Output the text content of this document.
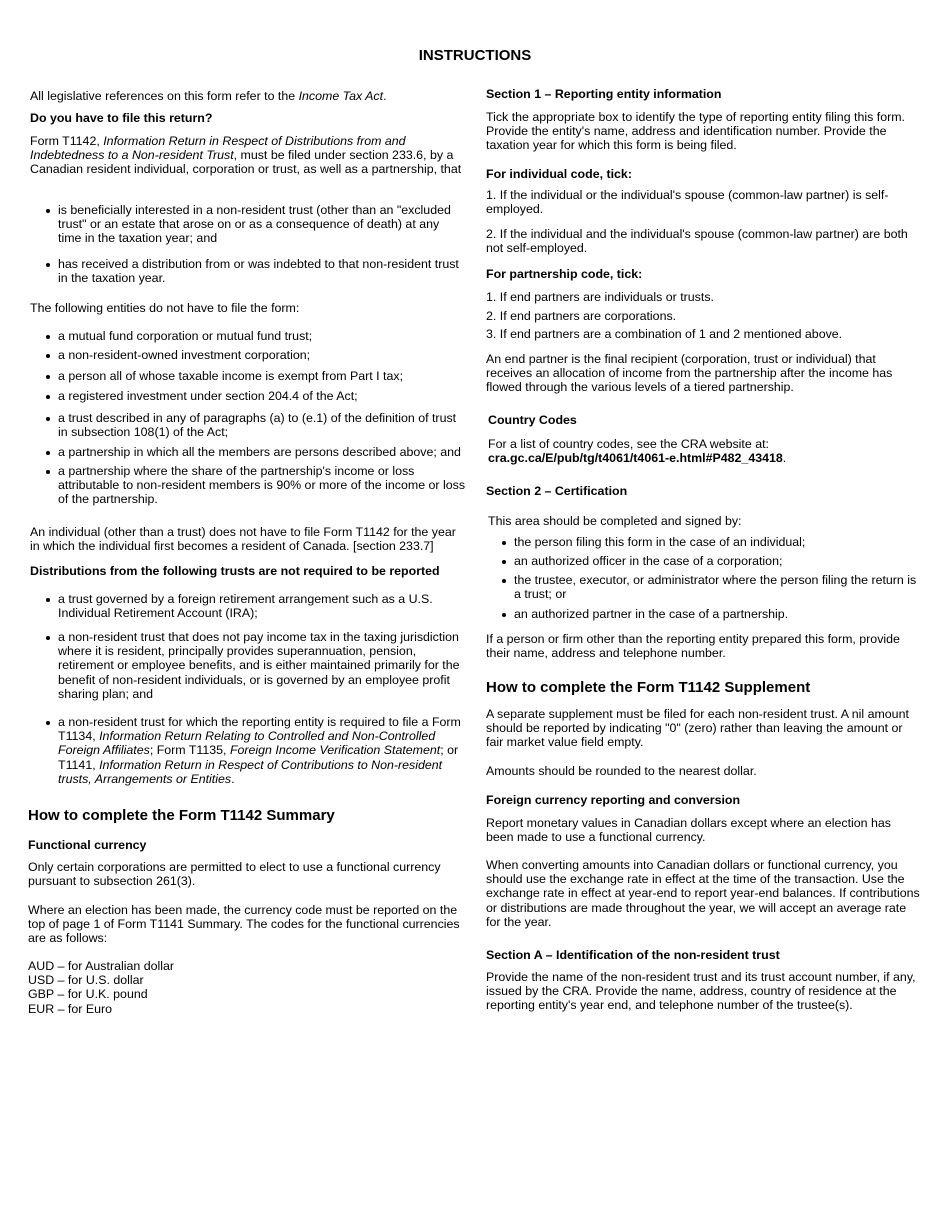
INSTRUCTIONS

All legislative references on this form refer to the Income Tax Act.

Do you have to file this return?

Form T1142, Information Return in Respect of Distributions from and Indebtedness to a Non-resident Trust, must be filed under section 233.6, by a Canadian resident individual, corporation or trust, as well as a partnership, that

is beneficially interested in a non-resident trust (other than an "excluded trust" or an estate that arose on or as a consequence of death) at any time in the taxation year; and
has received a distribution from or was indebted to that non-resident trust in the taxation year.

The following entities do not have to file the form:

a mutual fund corporation or mutual fund trust;
a non-resident-owned investment corporation;
a person all of whose taxable income is exempt from Part I tax;
a registered investment under section 204.4 of the Act;
a trust described in any of paragraphs (a) to (e.1) of the definition of trust in subsection 108(1) of the Act;
a partnership in which all the members are persons described above; and
a partnership where the share of the partnership's income or loss attributable to non-resident members is 90% or more of the income or loss of the partnership.

An individual (other than a trust) does not have to file Form T1142 for the year in which the individual first becomes a resident of Canada. [section 233.7]

Distributions from the following trusts are not required to be reported

a trust governed by a foreign retirement arrangement such as a U.S. Individual Retirement Account (IRA);
a non-resident trust that does not pay income tax in the taxing jurisdiction where it is resident, principally provides superannuation, pension, retirement or employee benefits, and is either maintained primarily for the benefit of non-resident individuals, or is governed by an employee profit sharing plan; and
a non-resident trust for which the reporting entity is required to file a Form T1134, Information Return Relating to Controlled and Non-Controlled Foreign Affiliates; Form T1135, Foreign Income Verification Statement; or T1141, Information Return in Respect of Contributions to Non-resident trusts, Arrangements or Entities.

How to complete the Form T1142 Summary

Functional currency

Only certain corporations are permitted to elect to use a functional currency pursuant to subsection 261(3).

Where an election has been made, the currency code must be reported on the top of page 1 of Form T1141 Summary. The codes for the functional currencies are as follows:

AUD – for Australian dollar

USD – for U.S. dollar

GBP – for U.K. pound

EUR – for Euro

Section 1 – Reporting entity information

Tick the appropriate box to identify the type of reporting entity filing this form. Provide the entity's name, address and identification number. Provide the taxation year for which this form is being filed.

For individual code, tick:

1. If the individual or the individual's spouse (common-law partner) is self-employed.

2. If the individual and the individual's spouse (common-law partner) are both not self-employed.

For partnership code, tick:

1. If end partners are individuals or trusts.

2. If end partners are corporations.

3. If end partners are a combination of 1 and 2 mentioned above.

An end partner is the final recipient (corporation, trust or individual) that receives an allocation of income from the partnership after the income has flowed through the various levels of a tiered partnership.

Country Codes

For a list of country codes, see the CRA website at:

cra.gc.ca/E/pub/tg/t4061/t4061-e.html#P482_43418.

Section 2 – Certification

This area should be completed and signed by:

the person filing this form in the case of an individual;
an authorized officer in the case of a corporation;
the trustee, executor, or administrator where the person filing the return is a trust; or
an authorized partner in the case of a partnership.

If a person or firm other than the reporting entity prepared this form, provide their name, address and telephone number.

How to complete the Form T1142 Supplement

A separate supplement must be filed for each non-resident trust. A nil amount should be reported by indicating "0" (zero) rather than leaving the amount or fair market value field empty.

Amounts should be rounded to the nearest dollar.

Foreign currency reporting and conversion

Report monetary values in Canadian dollars except where an election has been made to use a functional currency.

When converting amounts into Canadian dollars or functional currency, you should use the exchange rate in effect at the time of the transaction. Use the exchange rate in effect at year-end to report year-end balances. If contributions or distributions are made throughout the year, we will accept an average rate for the year.

Section A – Identification of the non-resident trust

Provide the name of the non-resident trust and its trust account number, if any, issued by the CRA. Provide the name, address, country of residence at the reporting entity's year end, and telephone number of the trustee(s).
